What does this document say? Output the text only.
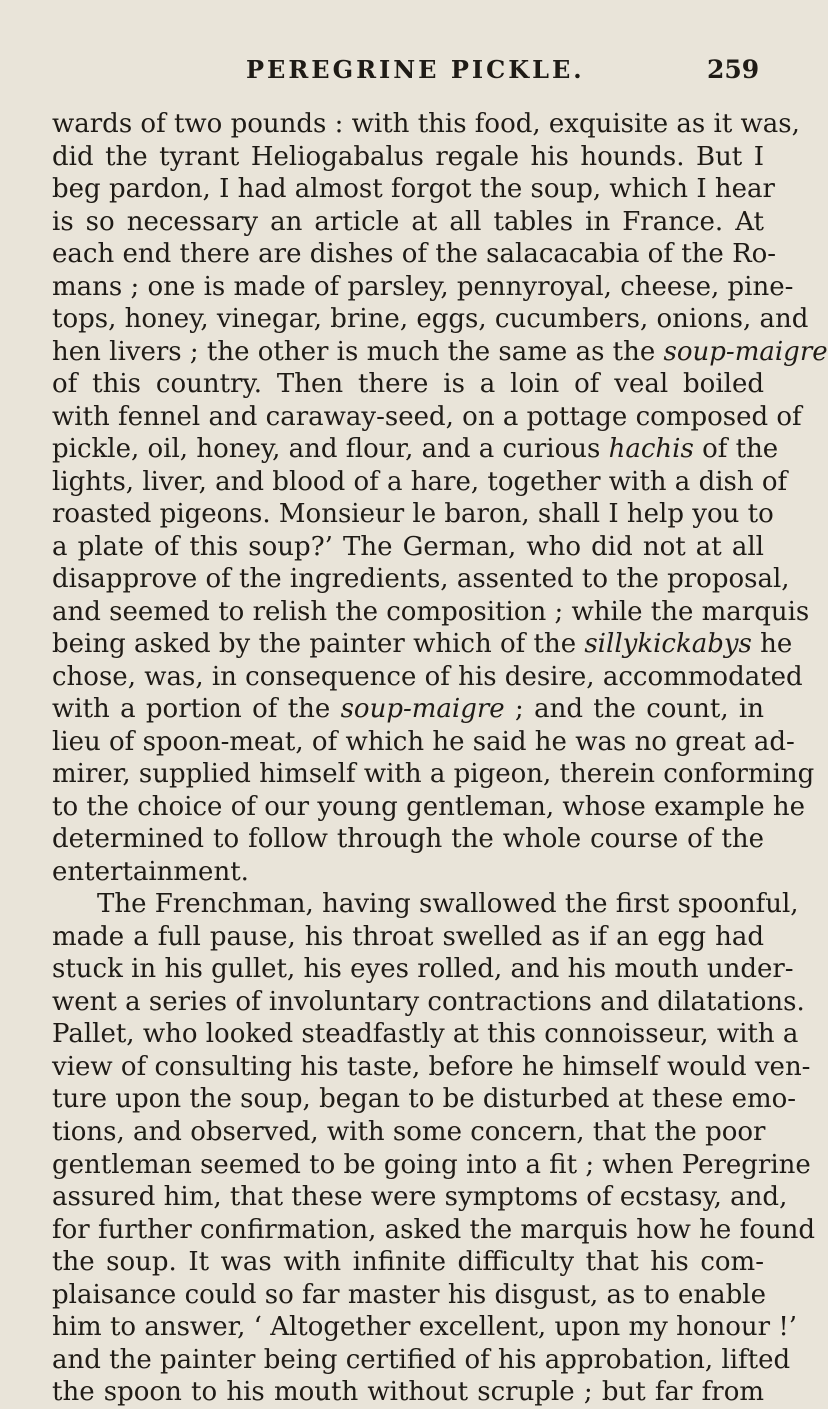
PEREGRINE PICKLE.	259
wards of two pounds : with this food, exquisite as it was,
did the tyrant Heliogabalus regale his hounds. But I
beg pardon, I had almost forgot the soup, which I hear
is so necessary an article at all tables in France. At
each end there are dishes of the salacacabia of the Ro-
mans ; one is made of parsley, pennyroyal, cheese, pine-
tops, honey, vinegar, brine, eggs, cucumbers, onions, and
hen livers ; the other is much the same as the soup-maigre
of this country. Then there is a loin of veal boiled
with fennel and caraway-seed, on a pottage composed of
pickle, oil, honey, and flour, and a curious hachis of the
lights, liver, and blood of a hare, together with a dish of
roasted pigeons. Monsieur le baron, shall I help you to
a plate of this soup?’ The German, who did not at all
disapprove of the ingredients, assented to the proposal,
and seemed to relish the composition ; while the marquis
being asked by the painter which of the sillykickabys he
chose, was, in consequence of his desire, accommodated
with a portion of the soup-maigre ; and the count, in
lieu of spoon-meat, of which he said he was no great ad-
mirer, supplied himself with a pigeon, therein conforming
to the choice of our young gentleman, whose example he
determined to follow through the whole course of the
entertainment.
The Frenchman, having swallowed the first spoonful,
made a full pause, his throat swelled as if an egg had
stuck in his gullet, his eyes rolled, and his mouth under-
went a series of involuntary contractions and dilatations.
Pallet, who looked steadfastly at this connoisseur, with a
view of consulting his taste, before he himself would ven-
ture upon the soup, began to be disturbed at these emo-
tions, and observed, with some concern, that the poor
gentleman seemed to be going into a fit ; when Peregrine
assured him, that these were symptoms of ecstasy, and,
for further confirmation, asked the marquis how he found
the soup. It was with infinite difficulty that his com-
plaisance could so far master his disgust, as to enable
him to answer, ‘ Altogether excellent, upon my honour !’
and the painter being certified of his approbation, lifted
the spoon to his mouth without scruple ; but far from
